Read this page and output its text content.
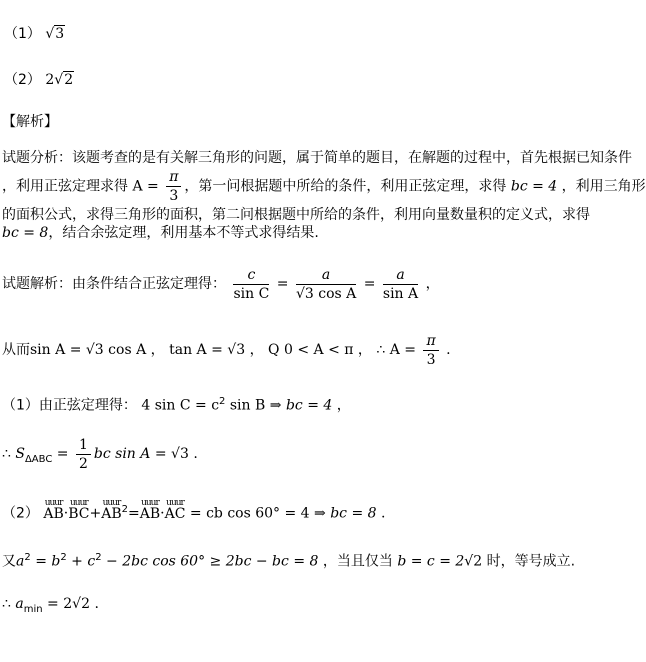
（1） √3
（2） 2√2
【解析】
试题分析：该题考查的是有关解三角形的问题，属于简单的题目，在解题的过程中，首先根据已知条件
，利用正弦定理求得 $A = \frac{\pi}{3}$ ，第一问根据题中所给的条件，利用正弦定理，求得 bc = 4 ，利用三角形
的面积公式，求得三角形的面积，第二问根据题中所给的条件，利用向量数量积的定义式，求得
bc = 8，结合余弦定理，利用基本不等式求得结果.
试题解析：由条件结合正弦定理得： $\frac{c}{\text{sin C}} = \frac{a}{\text{√3 cos A}} = \frac{a}{\text{sin A}}$ ，
从而sin A = √3 cos A ， tan A = √3 ， Q 0 < A < π ， ∴ $A = \frac{\pi}{3}$ .
（1）由正弦定理得： 4 $\sin C = c^2$ sin B ⇒ bc = 4 ，
∴ $S_{\Delta ABC} = \frac{1}{2}$ bc sin A = √3 .
（2） AB
uuur
·BC
uuur
+AB
uuur
$^2$=AB
uuur
·AC
uuur
= cb cos 60° = 4 ⇒ bc = 8 .
又$a^2 = b^2 + c^2 - 2bc$ cos 60° ≥ 2bc − bc = 8 ，当且仅当 b = c = 2√2 时，等号成立.
∴ $a_{min} = 2√2$ .
